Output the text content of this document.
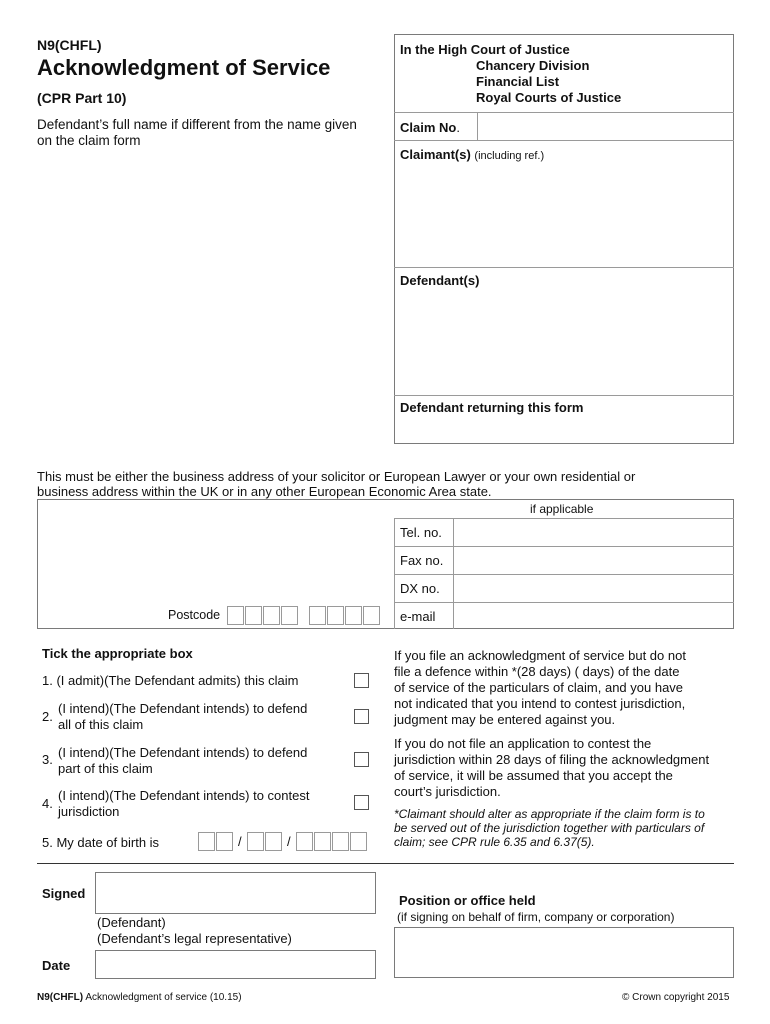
N9(CHFL)
Acknowledgment of Service
(CPR Part 10)
Defendant’s full name if different from the name given
on the claim form
In the High Court of Justice
Chancery Division
Financial List
Royal Courts of Justice
Claim No.
Claimant(s) (including ref.)
Defendant(s)
Defendant returning this form
This must be either the business address of your solicitor or European Lawyer or your own residential or
business address within the UK or in any other European Economic Area state.
if applicable
Tel. no.
Fax no.
DX no.
e-mail
Postcode
Tick the appropriate box
1. (I admit)(The Defendant admits) this claim
2.
(I intend)(The Defendant intends) to defend
all of this claim
3. (I intend)(The Defendant intends) to defend
part of this claim
4.
(I intend)(The Defendant intends) to contest
jurisdiction
5. My date of birth is	/	/
If you file an acknowledgment of service but do not
file a defence within *(28 days) ( days) of the date
of service of the particulars of claim, and you have
not indicated that you intend to contest jurisdiction,
judgment may be entered against you.
If you do not file an application to contest the
jurisdiction within 28 days of filing the acknowledgment
of service, it will be assumed that you accept the
court’s jurisdiction.
*Claimant should alter as appropriate if the claim form is to
be served out of the jurisdiction together with particulars of
claim; see CPR rule 6.35 and 6.37(5).
Signed
(Defendant)
(Defendant’s legal representative)
Date
Position or office held
(if signing on behalf of firm, company or corporation)
N9(CHFL) Acknowledgment of service (10.15)	© Crown copyright 2015
